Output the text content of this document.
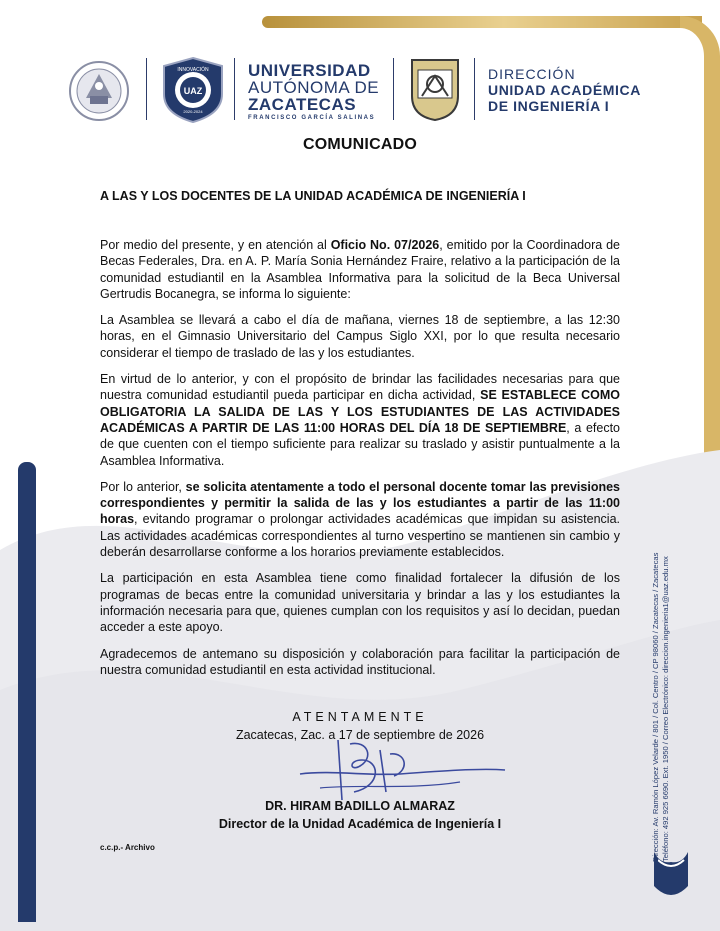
UAZ
INNOVACIÓN
2020-2024
UNIVERSIDAD
AUTÓNOMA DE
ZACATECAS
FRANCISCO GARCÍA SALINAS
DIRECCIÓN
UNIDAD ACADÉMICA
DE INGENIERÍA I
COMUNICADO
A LAS Y LOS DOCENTES DE LA UNIDAD ACADÉMICA DE INGENIERÍA I

Por medio del presente, y en atención al Oficio No. 07/2026, emitido por la Coordinadora de Becas Federales, Dra. en A. P. María Sonia Hernández Fraire, relativo a la participación de la comunidad estudiantil en la Asamblea Informativa para la solicitud de la Beca Universal Gertrudis Bocanegra, se informa lo siguiente:

La Asamblea se llevará a cabo el día de mañana, viernes 18 de septiembre, a las 12:30 horas, en el Gimnasio Universitario del Campus Siglo XXI, por lo que resulta necesario considerar el tiempo de traslado de las y los estudiantes.

En virtud de lo anterior, y con el propósito de brindar las facilidades necesarias para que nuestra comunidad estudiantil pueda participar en dicha actividad, SE ESTABLECE COMO OBLIGATORIA LA SALIDA DE LAS Y LOS ESTUDIANTES DE LAS ACTIVIDADES ACADÉMICAS A PARTIR DE LAS 11:00 HORAS DEL DÍA 18 DE SEPTIEMBRE, a efecto de que cuenten con el tiempo suficiente para realizar su traslado y asistir puntualmente a la Asamblea Informativa.

Por lo anterior, se solicita atentamente a todo el personal docente tomar las previsiones correspondientes y permitir la salida de las y los estudiantes a partir de las 11:00 horas, evitando programar o prolongar actividades académicas que impidan su asistencia. Las actividades académicas correspondientes al turno vespertino se mantienen sin cambio y deberán desarrollarse conforme a los horarios previamente establecidos.

La participación en esta Asamblea tiene como finalidad fortalecer la difusión de los programas de becas entre la comunidad universitaria y brindar a las y los estudiantes la información necesaria para que, quienes cumplan con los requisitos y así lo decidan, puedan acceder a este apoyo.

Agradecemos de antemano su disposición y colaboración para facilitar la participación de nuestra comunidad estudiantil en esta actividad institucional.

ATENTAMENTE
Zacatecas, Zac. a 17 de septiembre de 2026
DR. HIRAM BADILLO ALMARAZ
Director de la Unidad Académica de Ingeniería I
c.c.p.- Archivo	Dirección: Av. Ramón López Velarde / 801 / Col. Centro / CP 98060 / Zacatecas / Zacatecas Teléfono: 492 925 6690. Ext. 1950 / Correo Electrónico: direccion.ingenieria1@uaz.edu.mx
